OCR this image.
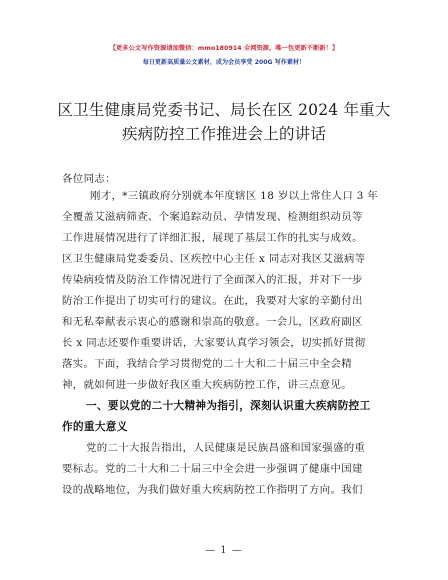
【更多公文写作资源请加微信：mmo180914 全网资源，唯一包更新不断新！】
每日更新高质量公文素材，成为会员享受 200G 写作素材！
区卫生健康局党委书记、局长在区 2024 年重大
疾病防控工作推进会上的讲话
各位同志：
刚才，*三镇政府分别就本年度辖区 18 岁以上常住人口 3 年
全覆盖艾滋病筛查、个案追踪动员、孕情发现、检测组织动员等
工作进展情况进行了详细汇报，展现了基层工作的扎实与成效。
区卫生健康局党委委员、区疾控中心主任 x 同志对我区艾滋病等
传染病疫情及防治工作情况进行了全面深入的汇报，并对下一步
防治工作提出了切实可行的建议。在此，我要对大家的辛勤付出
和无私奉献表示衷心的感谢和崇高的敬意。一会儿，区政府副区
长 x 同志还要作重要讲话，大家要认真学习领会，切实抓好贯彻
落实。下面，我结合学习贯彻党的二十大和二十届三中全会精
神，就如何进一步做好我区重大疾病防控工作，讲三点意见。
一、要以党的二十大精神为指引，深刻认识重大疾病防控工
作的重大意义
党的二十大报告指出，人民健康是民族昌盛和国家强盛的重
要标志。党的二十大和二十届三中全会进一步强调了健康中国建
设的战略地位，为我们做好重大疾病防控工作指明了方向。我们
— 1 —
